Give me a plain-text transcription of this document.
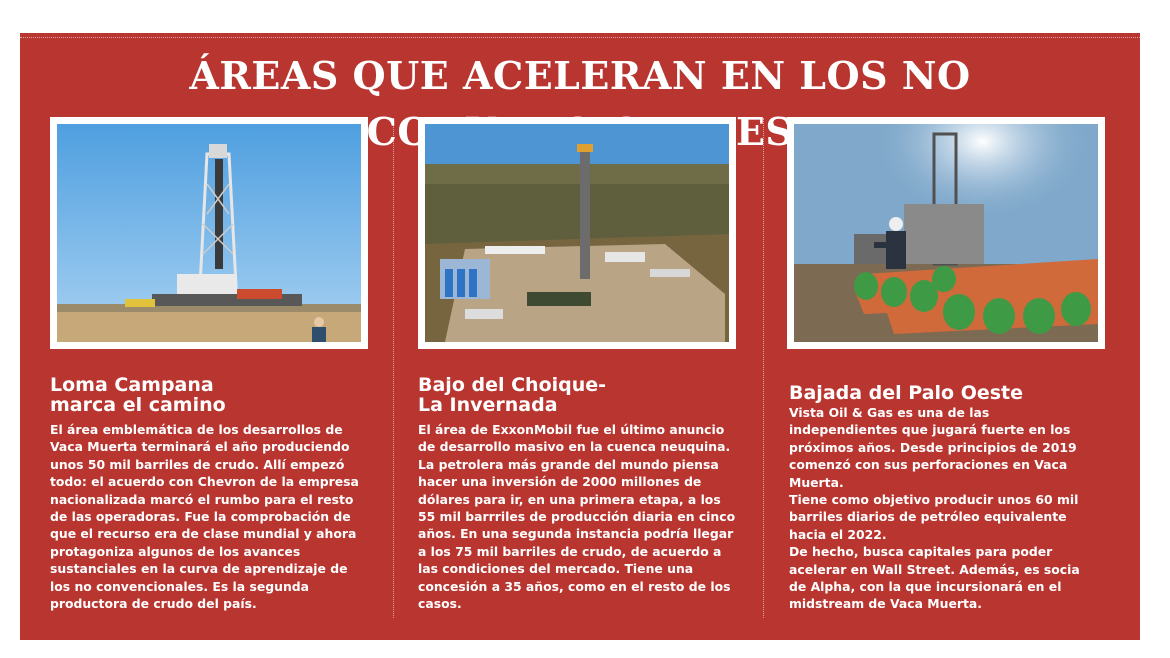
ÁREAS QUE ACELERAN EN LOS NO
Loma Campana
marca el camino

El área emblemática de los desarrollos de Vaca Muerta terminará el año produciendo unos 50 mil barriles de crudo. Allí empezó todo: el acuerdo con Chevron de la empresa nacionalizada marcó el rumbo para el resto de las operadoras. Fue la comprobación de que el recurso era de clase mundial y ahora protagoniza algunos de los avances sustanciales en la curva de aprendizaje de los no convencionales. Es la segunda productora de crudo del país.

Bajo del Choique-
La Invernada

El área de ExxonMobil fue el último anuncio de desarrollo masivo en la cuenca neuquina. La petrolera más grande del mundo piensa hacer una inversión de 2000 millones de dólares para ir, en una primera etapa, a los 55 mil barrriles de producción diaria en cinco años. En una segunda instancia podría llegar a los 75 mil barriles de crudo, de acuerdo a las condiciones del mercado. Tiene una concesión a 35 años, como en el resto de los casos.

Bajada del Palo Oeste

Vista Oil & Gas es una de las independientes que jugará fuerte en los próximos años. Desde principios de 2019 comenzó con sus perforaciones en Vaca Muerta.

Tiene como objetivo producir unos 60 mil barriles diarios de petróleo equivalente hacia el 2022.

De hecho, busca capitales para poder acelerar en Wall Street. Además, es socia de Alpha, con la que incursionará en el midstream de Vaca Muerta.
